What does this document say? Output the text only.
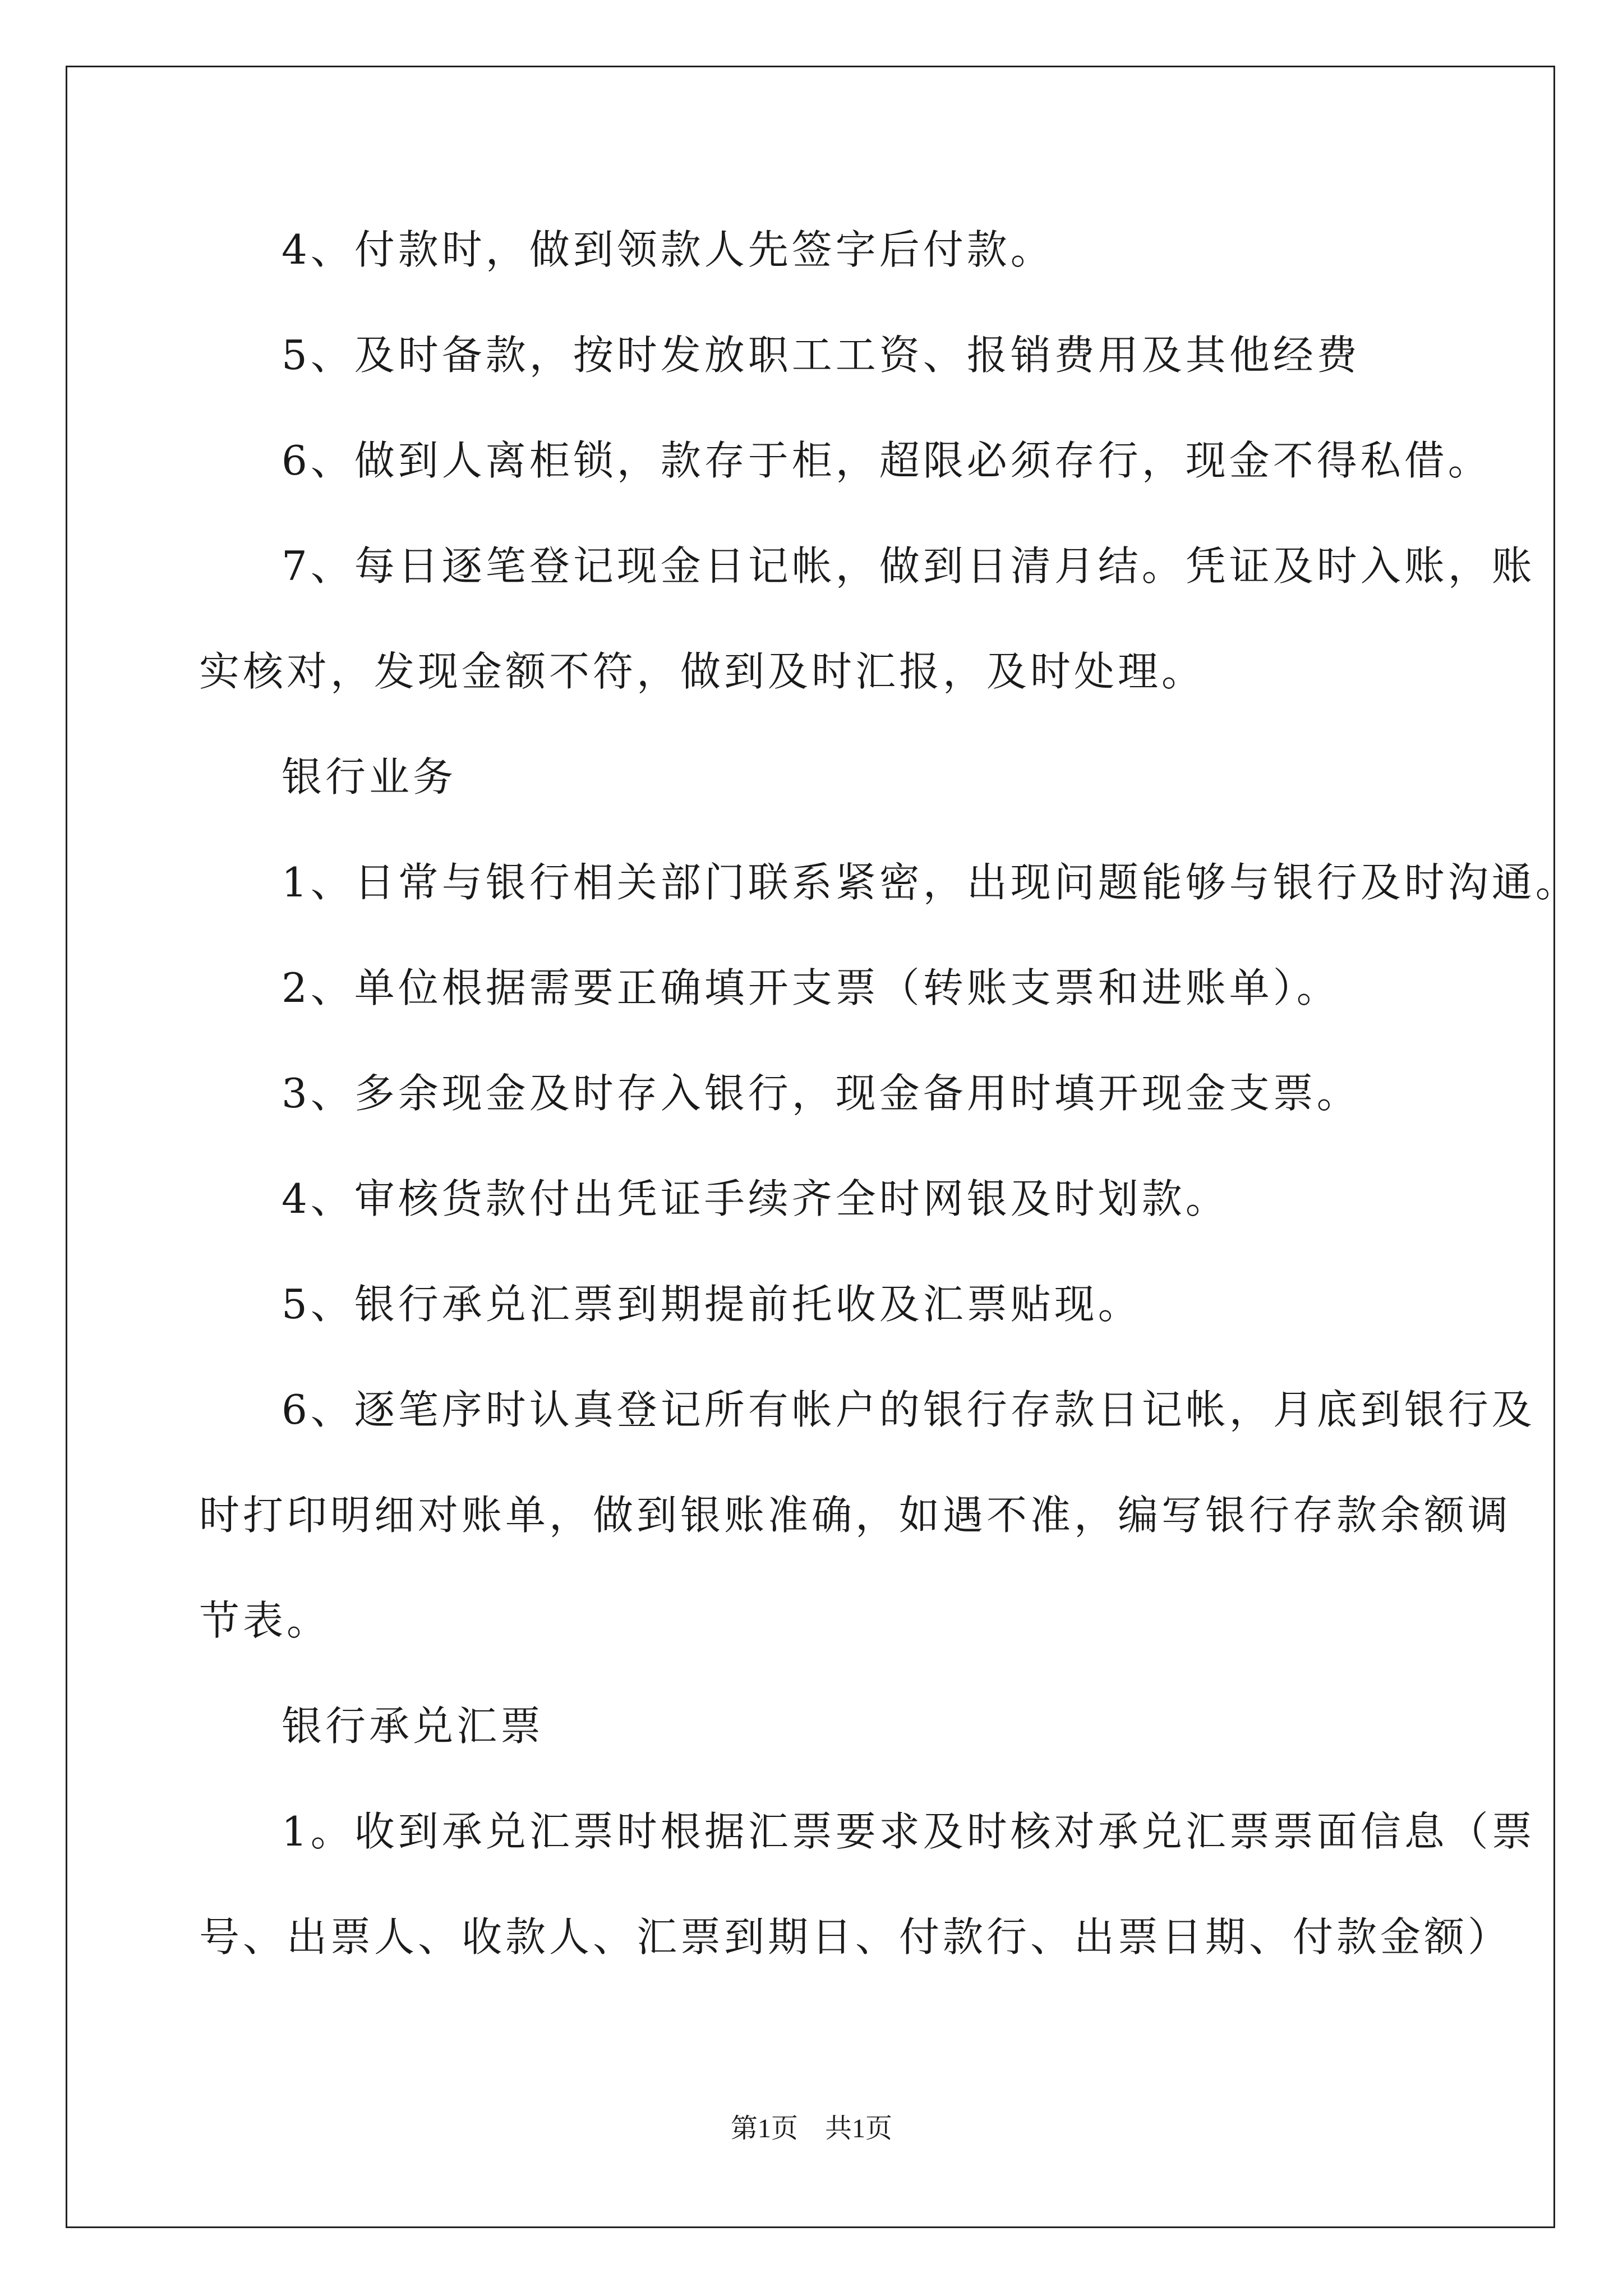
4、付款时，做到领款人先签字后付款。
5、及时备款，按时发放职工工资、报销费用及其他经费
6、做到人离柜锁，款存于柜，超限必须存行，现金不得私借。
7、每日逐笔登记现金日记帐，做到日清月结。凭证及时入账，账
实核对，发现金额不符，做到及时汇报，及时处理。
银行业务
1、日常与银行相关部门联系紧密，出现问题能够与银行及时沟通。
2、单位根据需要正确填开支票（转账支票和进账单）。
3、多余现金及时存入银行，现金备用时填开现金支票。
4、审核货款付出凭证手续齐全时网银及时划款。
5、银行承兑汇票到期提前托收及汇票贴现。
6、逐笔序时认真登记所有帐户的银行存款日记帐，月底到银行及
时打印明细对账单，做到银账准确，如遇不准，编写银行存款余额调
节表。
银行承兑汇票
1。收到承兑汇票时根据汇票要求及时核对承兑汇票票面信息（票
号、出票人、收款人、汇票到期日、付款行、出票日期、付款金额）
第1页　共1页
